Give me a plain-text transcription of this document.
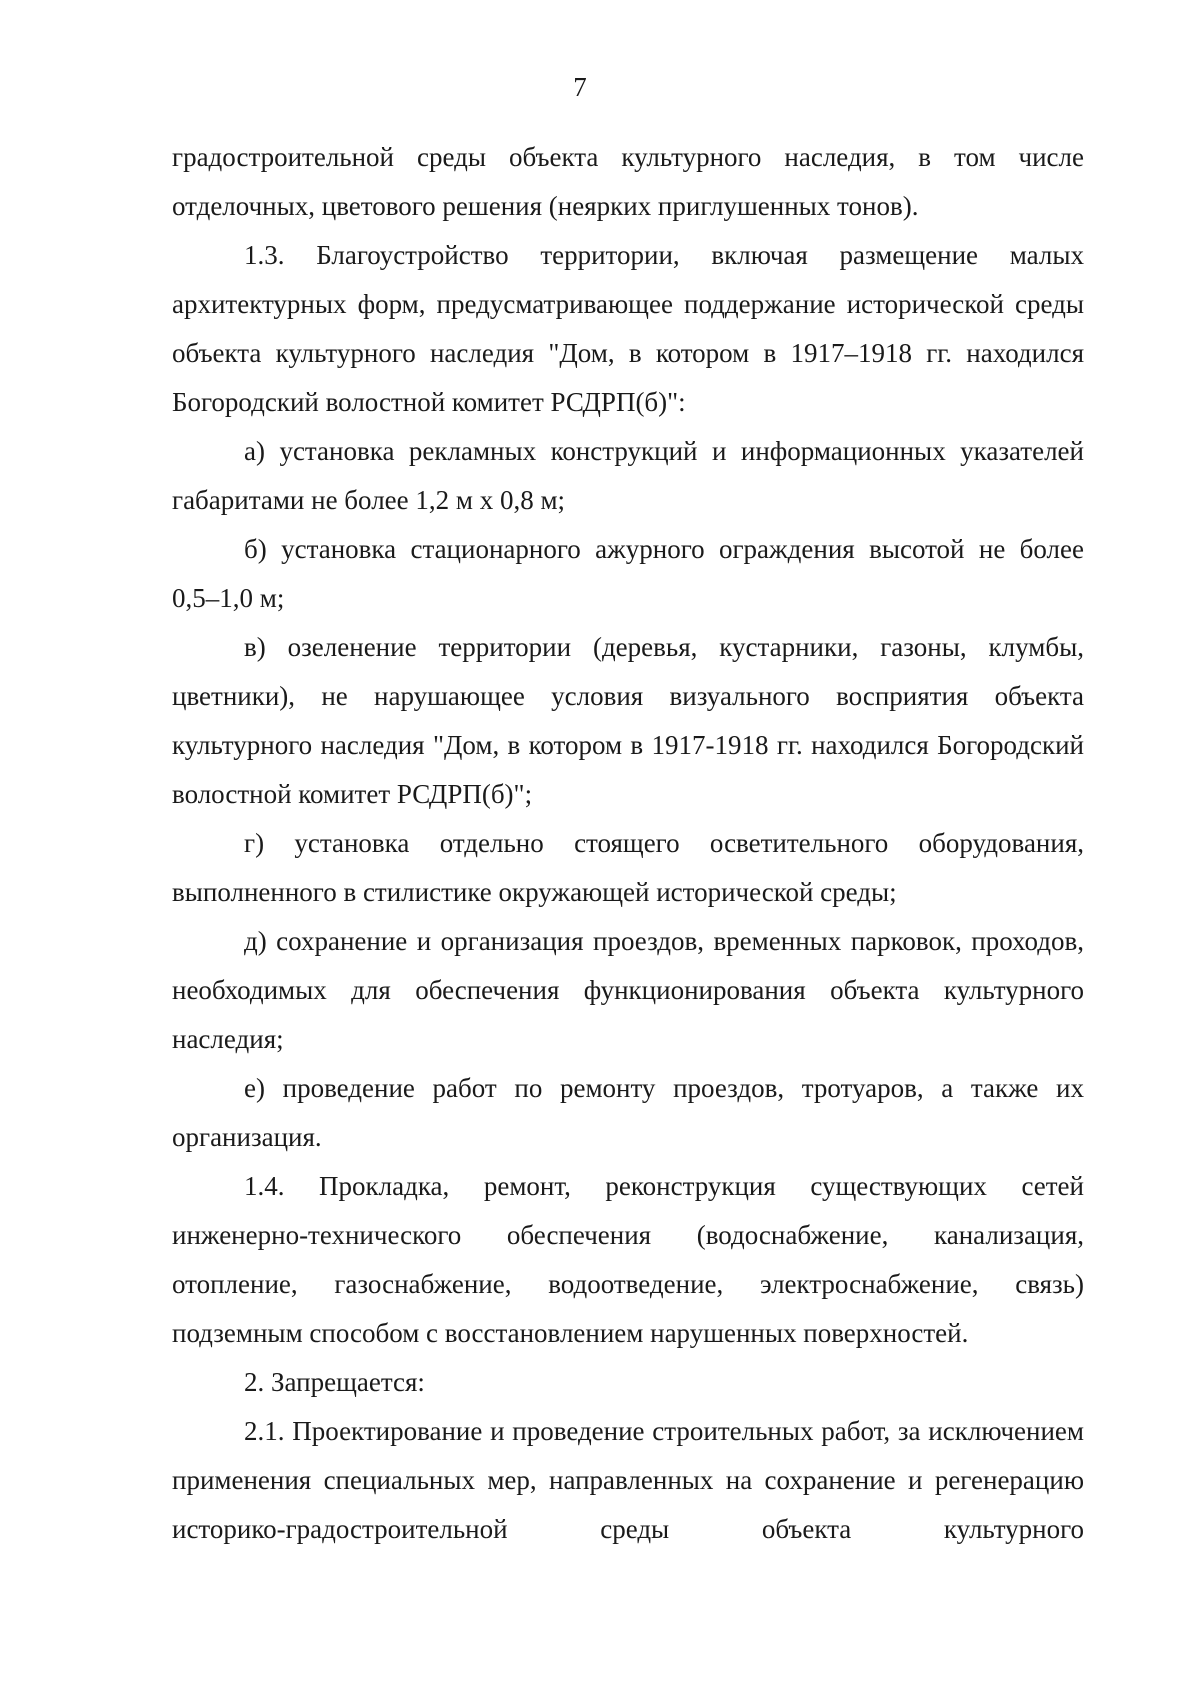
7

градостроительной среды объекта культурного наследия, в том числе отделочных, цветового решения (неярких приглушенных тонов).

1.3. Благоустройство территории, включая размещение малых архитектурных форм, предусматривающее поддержание исторической среды объекта культурного наследия "Дом, в котором в 1917–1918 гг. находился Богородский волостной комитет РСДРП(б)":

а) установка рекламных конструкций и информационных указателей габаритами не более 1,2 м х 0,8 м;

б) установка стационарного ажурного ограждения высотой не более 0,5–1,0 м;

в) озеленение территории (деревья, кустарники, газоны, клумбы, цветники), не нарушающее условия визуального восприятия объекта культурного наследия "Дом, в котором в 1917-1918 гг. находился Богородский волостной комитет РСДРП(б)";

г) установка отдельно стоящего осветительного оборудования, выполненного в стилистике окружающей исторической среды;

д) сохранение и организация проездов, временных парковок, проходов, необходимых для обеспечения функционирования объекта культурного наследия;

е) проведение работ по ремонту проездов, тротуаров, а также их организация.

1.4. Прокладка, ремонт, реконструкция существующих сетей инженерно-технического обеспечения (водоснабжение, канализация, отопление, газоснабжение, водоотведение, электроснабжение, связь) подземным способом с восстановлением нарушенных поверхностей.

2. Запрещается:

2.1. Проектирование и проведение строительных работ, за исключением применения специальных мер, направленных на сохранение и регенерацию историко-градостроительной среды объекта культурного
